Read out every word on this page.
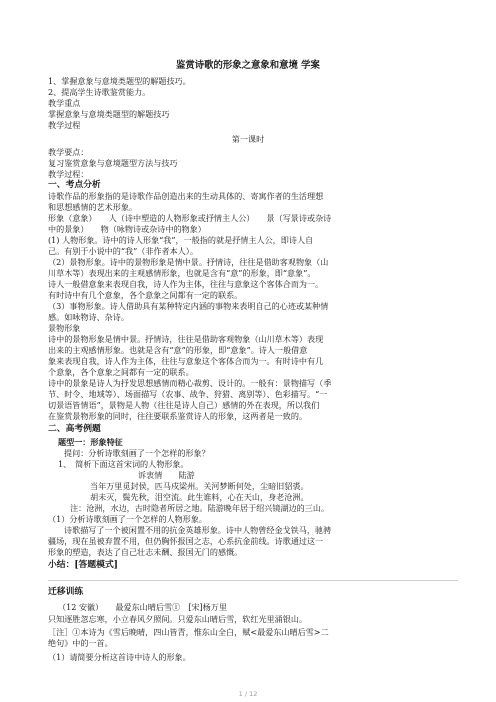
鉴赏诗歌的形象之意象和意境 学案
1、掌握意象与意境类题型的解题技巧。
2、提高学生诗歌鉴赏能力。
教学重点
掌握意象与意境类题型的解题技巧
教学过程
第一课时
教学要点：
复习鉴赏意象与意境题型方法与技巧
教学过程：
一、考点分析
诗歌作品的形象指的是诗歌作品创造出来的生动具体的、寄寓作者的生活理想
和思想感情的艺术形象。
形象（意象）　　人（诗中塑造的人物形象或抒情主人公）　　景（写景诗或杂诗
中的景象）　　物（咏物诗或杂诗中的物象）
(1) 人物形象。诗中的诗人形象“我”，一般指的就是抒情主人公，即诗人自
己。有别于小说中的“我”（非作者本人）。
（2）景物形象。诗中的景物形象是情中景。抒情诗，往往是借助客观物象（山
川草木等）表现出来的主观感情形象，也就是含有“意”的形象，即“意象”。
诗人一般借意象来表现自我，诗人作为主体，往往与意象这个客体合而为一。
有时诗中有几个意象，各个意象之间都有一定的联系。
（3）事物形象。诗人借助具有某种特定内涵的事物来表明自己的心迹或某种情
感。如咏物诗、杂诗。
景物形象
诗中的景物形象是情中景。抒情诗，往往是借助客观物象（山川草木等）表现
出来的主观感情形象。也就是含有“意”的形象，即“意象”。诗人一般借意
象来表现自我，诗人作为主体，往往与意象这个客体合而为一。有时诗中有几
个意象，各个意象之间都有一定的联系。
诗中的景象是诗人为抒发思想感情而精心裁剪、设计的。一般有：景物描写（季
节、时令、地域等）、场面描写（农事、战争、狩猎、离别等）、色彩描写。“一
切景语皆情语”，景物是人物（往往是诗人自己）感情的外在表现，所以我们
在鉴赏景物形象的同时，往往要联系鉴赏诗人的形象，这两者是一致的。
二、高考例题
题型一：形象特征
提问：分析诗歌刻画了一个怎样的形象？
1、　简析下面这首宋词的人物形象。
诉衷情　　陆游
当年万里觅封侯，匹马戍梁州。关河梦断何处，尘暗旧貂裘。
胡未灭，鬓先秋，泪空流。此生谁料，心在天山，身老沧洲。
注：沧洲，水边，古时隐者所居之地。陆游晚年居于绍兴镜湖边的三山。
（1）分析诗歌刻画了一个怎样的人物形象。
诗歌描写了一个被闲置不用的抗金英雄形象。诗中人物曾经金戈铁马，驰骋
疆场，现在虽被弃置不用，但仍胸怀报国之志，心系抗金前线。诗歌通过这一
形象的塑造，表达了自己壮志未酬、报国无门的感慨。
小结：[答题模式]
迁移训练
（12 安徽）　　最爱东山晴后雪①　[宋]杨万里
只知逐胜忽忘寒，小立春风夕照间。只爱东山晴后雪，软红光里涌银山。
［注］①本诗为《雪后晚晴，四山皆青，惟东山全白，赋<最爱东山晴后雪>二
绝句》中的一首。
（1）请简要分析这首诗中诗人的形象。
1 / 12
